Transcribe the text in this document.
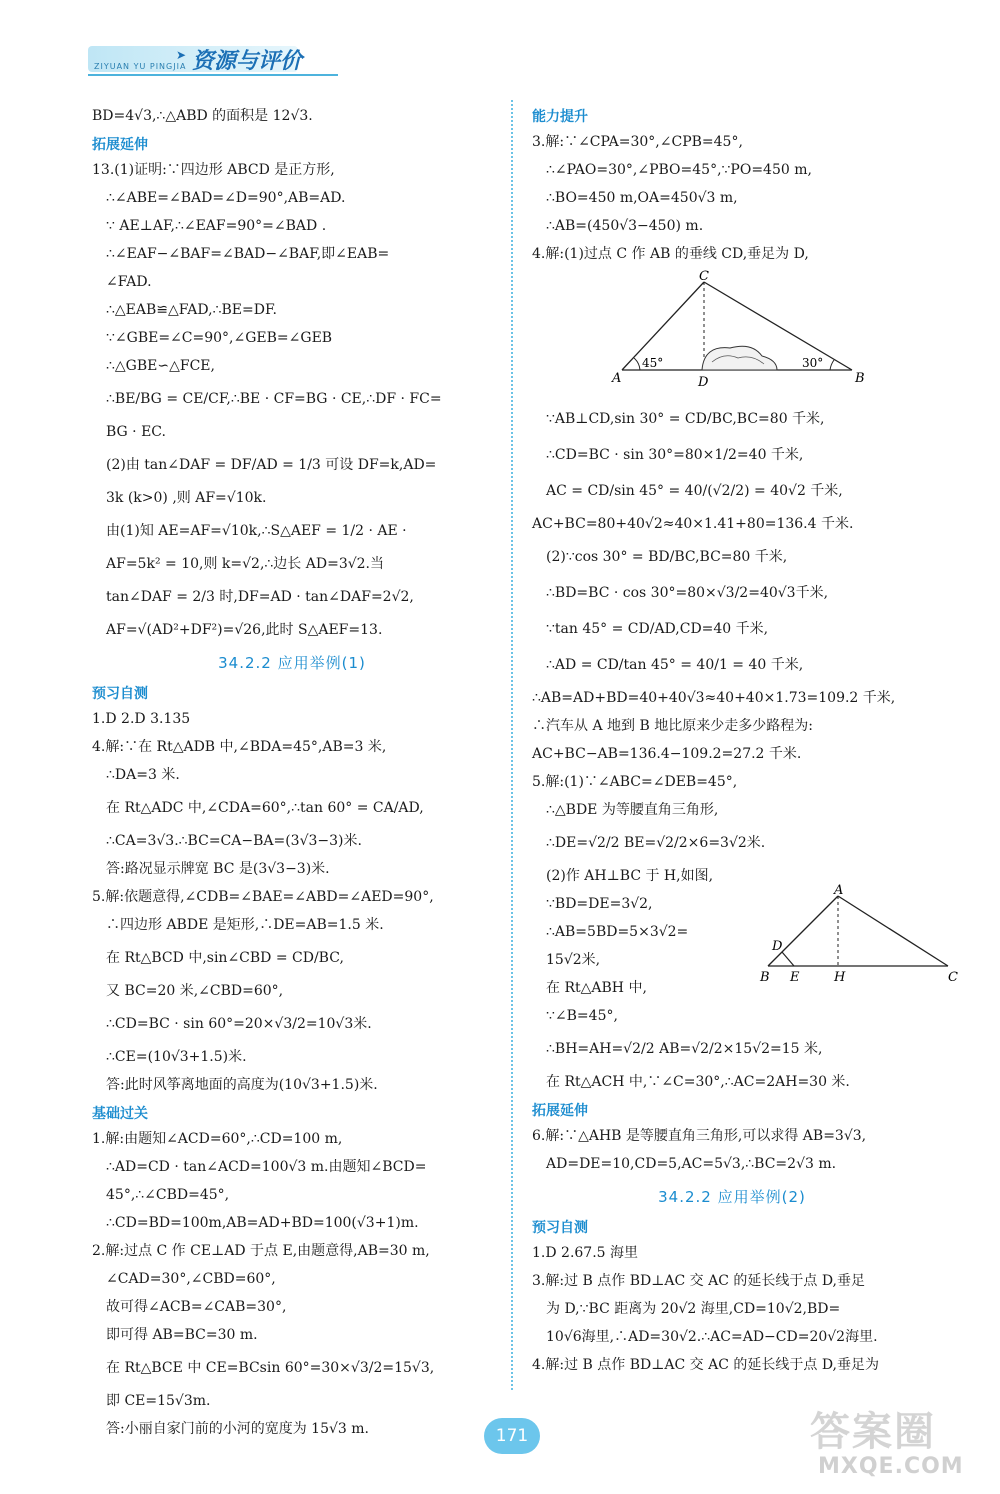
ZIYUAN YU PINGJIA
➤ 资源与评价
BD=4√3,∴△ABD 的面积是 12√3.
拓展延伸
13.(1)证明:∵四边形 ABCD 是正方形,
∴∠ABE=∠BAD=∠D=90°,AB=AD.
∵ AE⊥AF,∴∠EAF=90°=∠BAD .
∴∠EAF−∠BAF=∠BAD−∠BAF,即∠EAB=
∠FAD.
∴△EAB≌△FAD,∴BE=DF.
∵∠GBE=∠C=90°,∠GEB=∠GEB
∴△GBE∽△FCE,
∴BE/BG = CE/CF,∴BE · CF=BG · CE,∴DF · FC=
BG · EC.
(2)由 tan∠DAF = DF/AD = 1/3 可设 DF=k,AD=
3k (k>0) ,则 AF=√10k.
由(1)知 AE=AF=√10k,∴S△AEF = 1/2 · AE ·
AF=5k² = 10,则 k=√2,∴边长 AD=3√2.当
tan∠DAF = 2/3 时,DF=AD · tan∠DAF=2√2,
AF=√(AD²+DF²)=√26,此时 S△AEF=13.
34.2.2 应用举例(1)
预习自测
1.D 2.D 3.135
4.解:∵在 Rt△ADB 中,∠BDA=45°,AB=3 米,
∴DA=3 米.
在 Rt△ADC 中,∠CDA=60°,∴tan 60° = CA/AD,
∴CA=3√3.∴BC=CA−BA=(3√3−3)米.
答:路况显示牌宽 BC 是(3√3−3)米.
5.解:依题意得,∠CDB=∠BAE=∠ABD=∠AED=90°,
∴四边形 ABDE 是矩形,∴DE=AB=1.5 米.
在 Rt△BCD 中,sin∠CBD = CD/BC,
又 BC=20 米,∠CBD=60°,
∴CD=BC · sin 60°=20×√3/2=10√3米.
∴CE=(10√3+1.5)米.
答:此时风筝离地面的高度为(10√3+1.5)米.
基础过关
1.解:由题知∠ACD=60°,∴CD=100 m,
∴AD=CD · tan∠ACD=100√3 m.由题知∠BCD=
45°,∴∠CBD=45°,
∴CD=BD=100m,AB=AD+BD=100(√3+1)m.
2.解:过点 C 作 CE⊥AD 于点 E,由题意得,AB=30 m,
∠CAD=30°,∠CBD=60°,
故可得∠ACB=∠CAB=30°,
即可得 AB=BC=30 m.
在 Rt△BCE 中 CE=BCsin 60°=30×√3/2=15√3,
即 CE=15√3m.
答:小丽自家门前的小河的宽度为 15√3 m.
能力提升
3.解:∵∠CPA=30°,∠CPB=45°,
∴∠PAO=30°,∠PBO=45°,∵PO=450 m,
∴BO=450 m,OA=450√3 m,
∴AB=(450√3−450) m.
4.解:(1)过点 C 作 AB 的垂线 CD,垂足为 D,
A	B
C
D
45°	30°
∵AB⊥CD,sin 30° = CD/BC,BC=80 千米,
∴CD=BC · sin 30°=80×1/2=40 千米,
AC = CD/sin 45° = 40/(√2/2) = 40√2 千米,
AC+BC=80+40√2≈40×1.41+80=136.4 千米.
(2)∵cos 30° = BD/BC,BC=80 千米,
∴BD=BC · cos 30°=80×√3/2=40√3千米,
∵tan 45° = CD/AD,CD=40 千米,
∴AD = CD/tan 45° = 40/1 = 40 千米,
∴AB=AD+BD=40+40√3≈40+40×1.73=109.2 千米,
∴汽车从 A 地到 B 地比原来少走多少路程为:
AC+BC−AB=136.4−109.2=27.2 千米.
5.解:(1)∵∠ABC=∠DEB=45°,
∴△BDE 为等腰直角三角形,
∴DE=√2/2 BE=√2/2×6=3√2米.
(2)作 AH⊥BC 于 H,如图,
∵BD=DE=3√2,
∴AB=5BD=5×3√2=
15√2米,
在 Rt△ABH 中,
∵∠B=45°,
B	C
A
D
E	H
∴BH=AH=√2/2 AB=√2/2×15√2=15 米,
在 Rt△ACH 中,∵∠C=30°,∴AC=2AH=30 米.
拓展延伸
6.解:∵△AHB 是等腰直角三角形,可以求得 AB=3√3,
AD=DE=10,CD=5,AC=5√3,∴BC=2√3 m.
34.2.2 应用举例(2)
预习自测
1.D 2.67.5 海里
3.解:过 B 点作 BD⊥AC 交 AC 的延长线于点 D,垂足
为 D,∵BC 距离为 20√2 海里,CD=10√2,BD=
10√6海里,∴AD=30√2.∴AC=AD−CD=20√2海里.
4.解:过 B 点作 BD⊥AC 交 AC 的延长线于点 D,垂足为
171	答案圈
MXQE.COM
